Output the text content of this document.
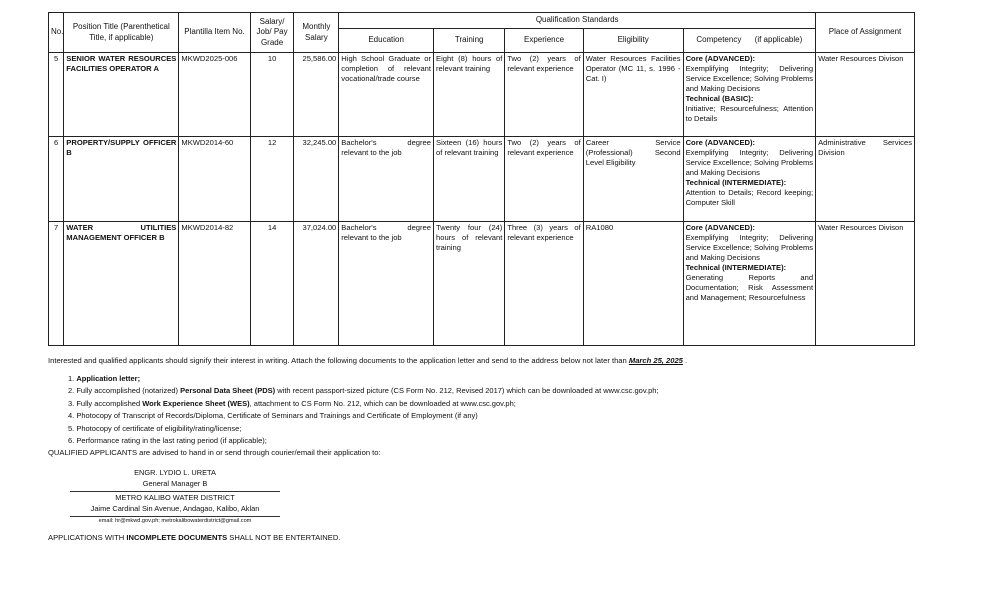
No.	Position Title (Parenthetical Title, if applicable)	Plantilla Item No.	Salary/ Job/ Pay Grade	Monthly Salary	Qualification Standards					Place of Assignment
					Education	Training	Experience	Eligibility	Competency (if applicable)	
5	SENIOR WATER RESOURCES FACILITIES OPERATOR A	MKWD2025-006	10	25,586.00	High School Graduate or completion of relevant vocational/trade course	Eight (8) hours of relevant training	Two (2) years of relevant experience	Water Resources Facilities Operator (MC 11, s. 1996 - Cat. I)	Core (ADVANCED):
Exemplifying Integrity; Delivering Service Excellence; Solving Problems and Making Decisions
Technical (BASIC):
Initiative; Resourcefulness; Attention to Details	Water Resources Divison
6	PROPERTY/SUPPLY OFFICER B	MKWD2014-60	12	32,245.00	Bachelor's degree relevant to the job	Sixteen (16) hours of relevant training	Two (2) years of relevant experience	Career Service (Professional) Second Level Eligibility	Core (ADVANCED):
Exemplifying Integrity; Delivering Service Excellence; Solving Problems and Making Decisions
Technical (INTERMEDIATE):
Attention to Details; Record keeping; Computer Skill	Administrative Services Division
7	WATER UTILITIES MANAGEMENT OFFICER B	MKWD2014-82	14	37,024.00	Bachelor's degree relevant to the job	Twenty four (24) hours of relevant training	Three (3) years of relevant experience	RA1080	Core (ADVANCED):
Exemplifying Integrity; Delivering Service Excellence; Solving Problems and Making Decisions
Technical (INTERMEDIATE):
Generating Reports and Documentation; Risk Assessment and Management; Resourcefulness	Water Resources Divison
Interested and qualified applicants should signify their interest in writing. Attach the following documents to the application letter and send to the address below not later than March 25, 2025 .
1. Application letter;
2. Fully accomplished (notarized) Personal Data Sheet (PDS) with recent passport-sized picture (CS Form No. 212, Revised 2017) which can be downloaded at www.csc.gov.ph;
3. Fully accomplished Work Experience Sheet (WES), attachment to CS Form No. 212, which can be downloaded at www.csc.gov.ph;
4. Photocopy of Transcript of Records/Diploma, Certificate of Seminars and Trainings and Certificate of Employment (if any)
5. Photocopy of certificate of eligibility/rating/license;
6. Performance rating in the last rating period (if applicable);
QUALIFIED APPLICANTS are advised to hand in or send through courier/email their application to:
ENGR. LYDIO L. URETA
General Manager B
METRO KALIBO WATER DISTRICT
Jaime Cardinal Sin Avenue, Andagao, Kalibo, Aklan
email: hr@mkwd.gov.ph; metrokalibowaterdistrict@gmail.com
APPLICATIONS WITH INCOMPLETE DOCUMENTS SHALL NOT BE ENTERTAINED.
